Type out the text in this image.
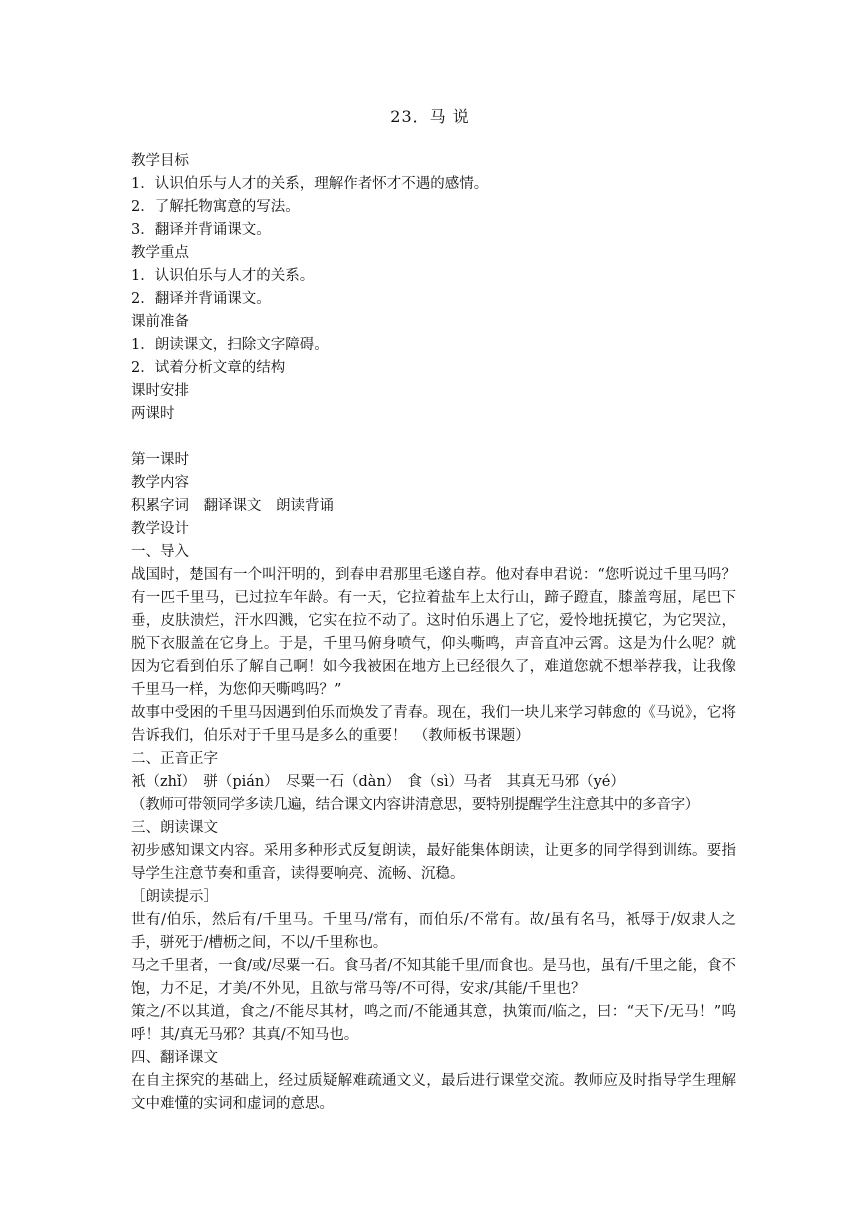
23．马 说
教学目标
1．认识伯乐与人才的关系，理解作者怀才不遇的感情。
2．了解托物寓意的写法。
3．翻译并背诵课文。
教学重点
1．认识伯乐与人才的关系。
2．翻译并背诵课文。
课前准备
1．朗读课文，扫除文字障碍。
2．试着分析文章的结构
课时安排
两课时
第一课时
教学内容
积累字词　翻译课文　朗读背诵
教学设计
一、导入
战国时，楚国有一个叫汗明的，到春申君那里毛遂自荐。他对春申君说：“您听说过千里马吗？有一匹千里马，已过拉车年龄。有一天，它拉着盐车上太行山，蹄子蹬直，膝盖弯屈，尾巴下垂，皮肤溃烂，汗水四溅，它实在拉不动了。这时伯乐遇上了它，爱怜地抚摸它，为它哭泣，脱下衣服盖在它身上。于是，千里马俯身喷气，仰头嘶鸣，声音直冲云霄。这是为什么呢？就因为它看到伯乐了解自己啊！如今我被困在地方上已经很久了，难道您就不想举荐我，让我像千里马一样，为您仰天嘶鸣吗？”
故事中受困的千里马因遇到伯乐而焕发了青春。现在，我们一块儿来学习韩愈的《马说》，它将告诉我们，伯乐对于千里马是多么的重要！　（教师板书课题）
二、正音正字
衹（zhǐ）　骈（pián）　尽粟一石（dàn）　食（sì）马者　其真无马邪（yé）
（教师可带领同学多读几遍，结合课文内容讲清意思，要特别提醒学生注意其中的多音字）
三、朗读课文
初步感知课文内容。采用多种形式反复朗读，最好能集体朗读，让更多的同学得到训练。要指导学生注意节奏和重音，读得要响亮、流畅、沉稳。
［朗读提示］
世有/伯乐，然后有/千里马。千里马/常有，而伯乐/不常有。故/虽有名马，衹辱于/奴隶人之手，骈死于/槽枥之间，不以/千里称也。
马之千里者，一食/或/尽粟一石。食马者/不知其能千里/而食也。是马也，虽有/千里之能，食不饱，力不足，才美/不外见，且欲与常马等/不可得，安求/其能/千里也？
策之/不以其道，食之/不能尽其材，鸣之而/不能通其意，执策而/临之，曰：“天下/无马！”呜呼！其/真无马邪？其真/不知马也。
四、翻译课文
在自主探究的基础上，经过质疑解难疏通文义，最后进行课堂交流。教师应及时指导学生理解文中难懂的实词和虚词的意思。
